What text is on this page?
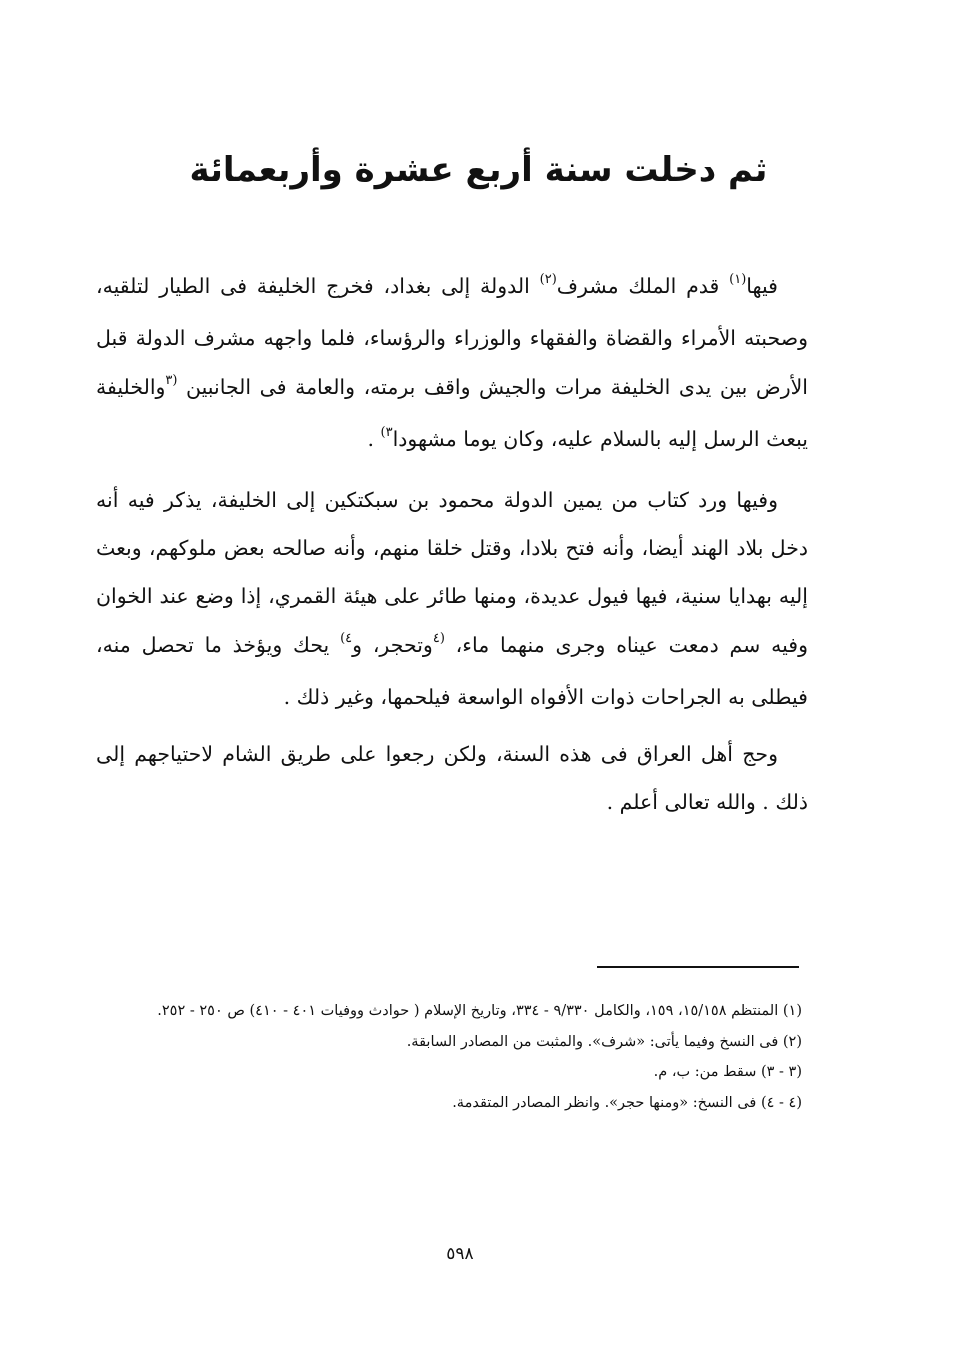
ثم دخلت سنة أربع عشرة وأربعمائة

فيها$^{(١)}$ قدم الملك مشرف$^{(٢)}$ الدولة إلى بغداد، فخرج الخليفة فى الطيار لتلقيه، وصحبته الأمراء والقضاة والفقهاء والوزراء والرؤساء، فلما واجهه مشرف الدولة قبل الأرض بين يدى الخليفة مرات والجيش واقف برمته، والعامة فى الجانبين $^{(٣}$والخليفة يبعث الرسل إليه بالسلام عليه، وكان يوما مشهودا$^{٣)}$ .

وفيها ورد كتاب من يمين الدولة محمود بن سبكتكين إلى الخليفة، يذكر فيه أنه دخل بلاد الهند أيضا، وأنه فتح بلادا، وقتل خلقا منهم، وأنه صالحه بعض ملوكهم، وبعث إليه بهدايا سنية، فيها فيول عديدة، ومنها طائر على هيئة القمري، إذا وضع عند الخوان وفيه سم دمعت عيناه وجرى منهما ماء، $^{(٤}$وتحجر، و$^{٤)}$ يحك ويؤخذ ما تحصل منه، فيطلى به الجراحات ذوات الأفواه الواسعة فيلحمها، وغير ذلك .

وحج أهل العراق فى هذه السنة، ولكن رجعوا على طريق الشام لاحتياجهم إلى ذلك . والله تعالى أعلم .

(١) المنتظم ١٥/١٥٨، ١٥٩، والكامل ٩/٣٣٠ - ٣٣٤، وتاريخ الإسلام ( حوادث ووفيات ٤٠١ - ٤١٠) ص ٢٥٠ - ٢٥٢.
(٢) فى النسخ وفيما يأتى: «شرف». والمثبت من المصادر السابقة.
(٣ - ٣) سقط من: ب، م.
(٤ - ٤) فى النسخ: «ومنها حجر». وانظر المصادر المتقدمة.

٥٩٨
